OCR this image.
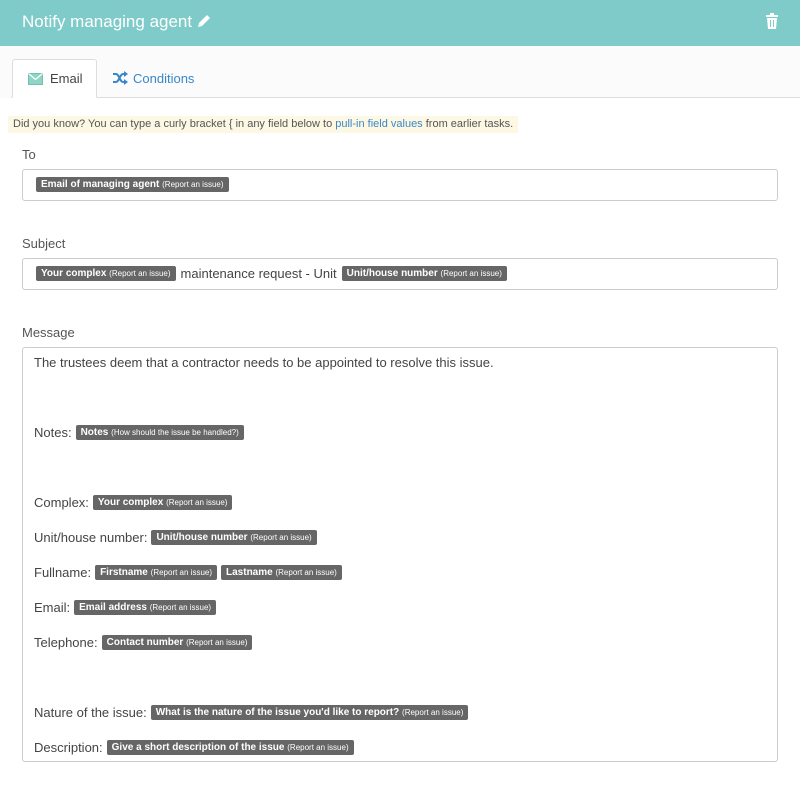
Notify managing agent
Email	Conditions
Did you know? You can type a curly bracket { in any field below to pull-in field values from earlier tasks.
To
Email of managing agent (Report an issue)
Subject
Your complex (Report an issue) maintenance request - Unit	Unit/house number (Report an issue)
Message
The trustees deem that a contractor needs to be appointed to resolve this issue.
Notes: Notes (How should the issue be handled?)
Complex: Your complex (Report an issue)
Unit/house number: Unit/house number (Report an issue)
Fullname: Firstname (Report an issue)	Lastname (Report an issue)
Email: Email address (Report an issue)
Telephone: Contact number (Report an issue)
Nature of the issue: What is the nature of the issue you'd like to report? (Report an issue)
Description: Give a short description of the issue (Report an issue)
